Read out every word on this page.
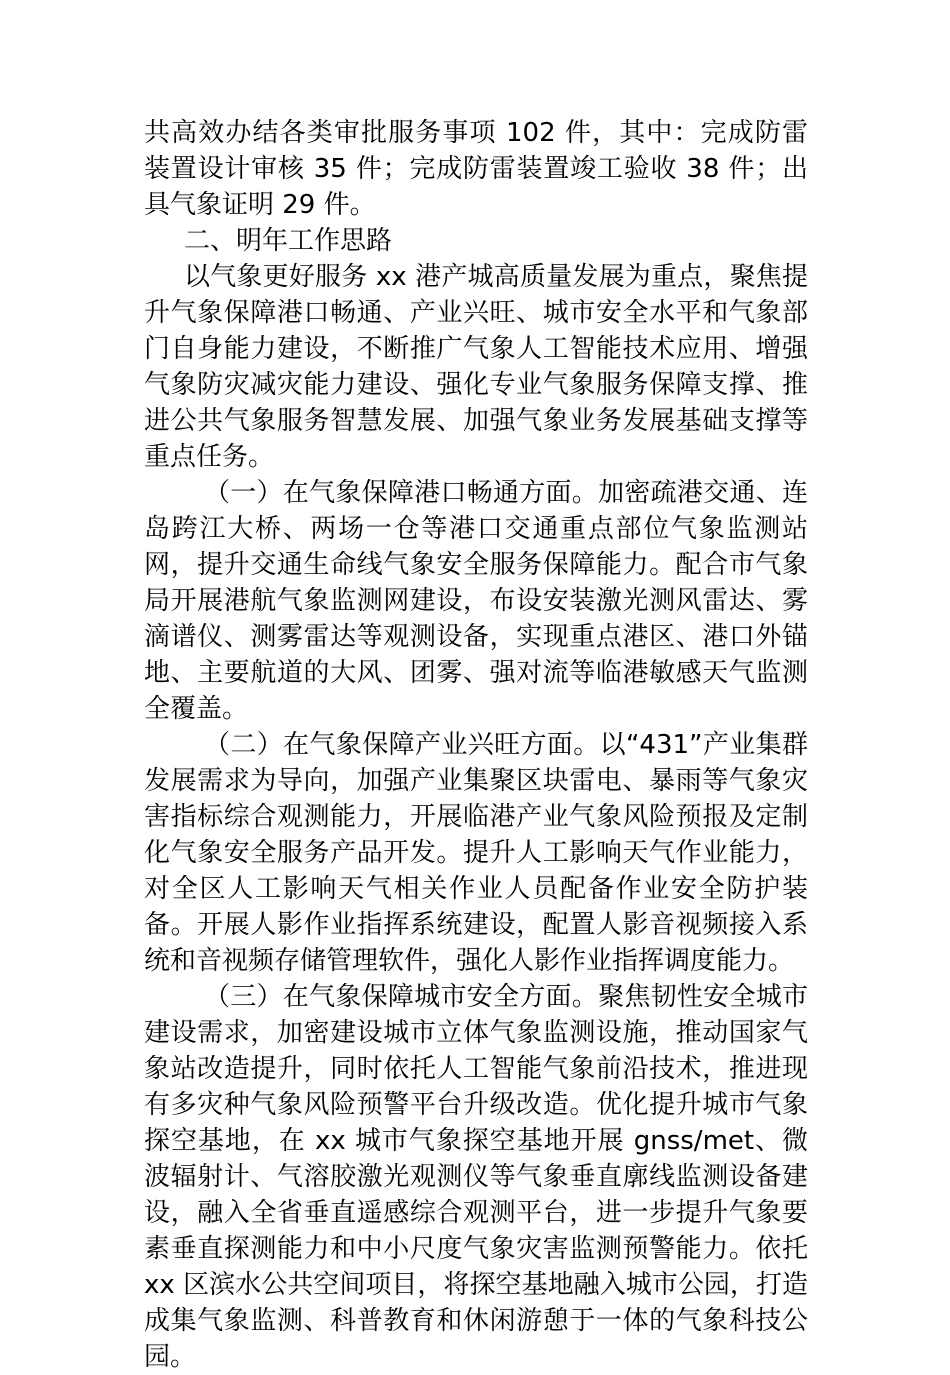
共高效办结各类审批服务事项 102 件，其中：完成防雷装置设计审核 35 件；完成防雷装置竣工验收 38 件；出具气象证明 29 件。

二、明年工作思路

以气象更好服务 xx 港产城高质量发展为重点，聚焦提升气象保障港口畅通、产业兴旺、城市安全水平和气象部门自身能力建设，不断推广气象人工智能技术应用、增强气象防灾减灾能力建设、强化专业气象服务保障支撑、推进公共气象服务智慧发展、加强气象业务发展基础支撑等重点任务。

（一）在气象保障港口畅通方面。加密疏港交通、连岛跨江大桥、两场一仓等港口交通重点部位气象监测站网，提升交通生命线气象安全服务保障能力。配合市气象局开展港航气象监测网建设，布设安装激光测风雷达、雾滴谱仪、测雾雷达等观测设备，实现重点港区、港口外锚地、主要航道的大风、团雾、强对流等临港敏感天气监测全覆盖。

（二）在气象保障产业兴旺方面。以“431”产业集群发展需求为导向，加强产业集聚区块雷电、暴雨等气象灾害指标综合观测能力，开展临港产业气象风险预报及定制化气象安全服务产品开发。提升人工影响天气作业能力，对全区人工影响天气相关作业人员配备作业安全防护装备。开展人影作业指挥系统建设，配置人影音视频接入系统和音视频存储管理软件，强化人影作业指挥调度能力。

（三）在气象保障城市安全方面。聚焦韧性安全城市建设需求，加密建设城市立体气象监测设施，推动国家气象站改造提升，同时依托人工智能气象前沿技术，推进现有多灾种气象风险预警平台升级改造。优化提升城市气象探空基地，在 xx 城市气象探空基地开展 gnss/met、微波辐射计、气溶胶激光观测仪等气象垂直廓线监测设备建设，融入全省垂直遥感综合观测平台，进一步提升气象要素垂直探测能力和中小尺度气象灾害监测预警能力。依托 xx 区滨水公共空间项目，将探空基地融入城市公园，打造成集气象监测、科普教育和休闲游憩于一体的气象科技公园。
